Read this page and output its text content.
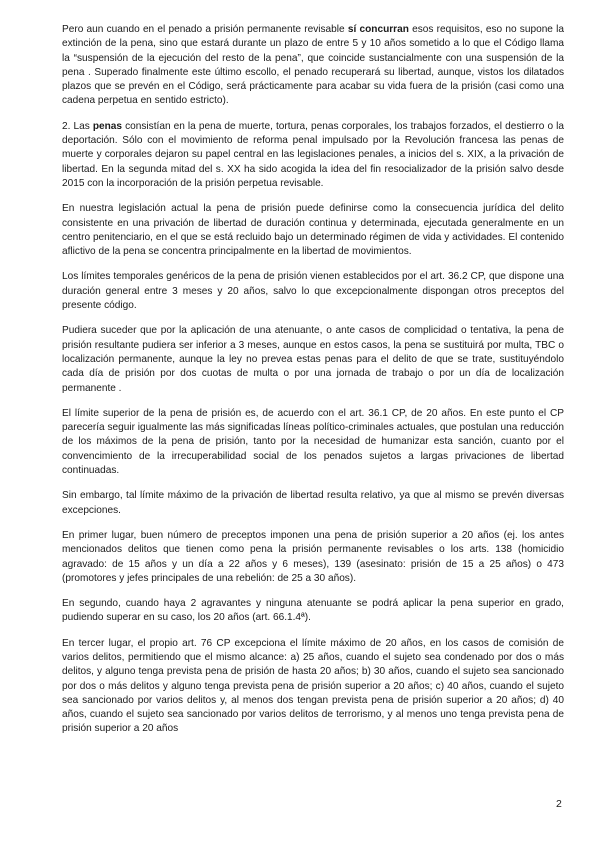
Pero aun cuando en el penado a prisión permanente revisable sí concurran esos requisitos, eso no supone la extinción de la pena, sino que estará durante un plazo de entre 5 y 10 años sometido a lo que el Código llama la “suspensión de la ejecución del resto de la pena”, que coincide sustancialmente con una suspensión de la pena . Superado finalmente este último escollo, el penado recuperará su libertad, aunque, vistos los dilatados plazos que se prevén en el Código, será prácticamente para acabar su vida fuera de la prisión (casi como una cadena perpetua en sentido estricto).

2. Las penas consistían en la pena de muerte, tortura, penas corporales, los trabajos forzados, el destierro o la deportación. Sólo con el movimiento de reforma penal impulsado por la Revolución francesa las penas de muerte y corporales dejaron su papel central en las legislaciones penales, a inicios del s. XIX, a la privación de libertad. En la segunda mitad del s. XX ha sido acogida la idea del fin resocializador de la prisión salvo desde 2015 con la incorporación de la prisión perpetua revisable.

En nuestra legislación actual la pena de prisión puede definirse como la consecuencia jurídica del delito consistente en una privación de libertad de duración continua y determinada, ejecutada generalmente en un centro penitenciario, en el que se está recluido bajo un determinado régimen de vida y actividades. El contenido aflictivo de la pena se concentra principalmente en la libertad de movimientos.

Los límites temporales genéricos de la pena de prisión vienen establecidos por el art. 36.2 CP, que dispone una duración general entre 3 meses y 20 años, salvo lo que excepcionalmente dispongan otros preceptos del presente código.

Pudiera suceder que por la aplicación de una atenuante, o ante casos de complicidad o tentativa, la pena de prisión resultante pudiera ser inferior a 3 meses, aunque en estos casos, la pena se sustituirá por multa, TBC o localización permanente, aunque la ley no prevea estas penas para el delito de que se trate, sustituyéndolo cada día de prisión por dos cuotas de multa o por una jornada de trabajo o por un día de localización permanente .

El límite superior de la pena de prisión es, de acuerdo con el art. 36.1 CP, de 20 años. En este punto el CP parecería seguir igualmente las más significadas líneas político-criminales actuales, que postulan una reducción de los máximos de la pena de prisión, tanto por la necesidad de humanizar esta sanción, cuanto por el convencimiento de la irrecuperabilidad social de los penados sujetos a largas privaciones de libertad continuadas.

Sin embargo, tal límite máximo de la privación de libertad resulta relativo, ya que al mismo se prevén diversas excepciones.

En primer lugar, buen número de preceptos imponen una pena de prisión superior a 20 años (ej. los antes mencionados delitos que tienen como pena la prisión permanente revisables o los arts. 138 (homicidio agravado: de 15 años y un día a 22 años y 6 meses), 139 (asesinato: prisión de 15 a 25 años) o 473 (promotores y jefes principales de una rebelión: de 25 a 30 años).

En segundo, cuando haya 2 agravantes y ninguna atenuante se podrá aplicar la pena superior en grado, pudiendo superar en su caso, los 20 años (art. 66.1.4ª).

En tercer lugar, el propio art. 76 CP excepciona el límite máximo de 20 años, en los casos de comisión de varios delitos, permitiendo que el mismo alcance: a) 25 años, cuando el sujeto sea condenado por dos o más delitos, y alguno tenga prevista pena de prisión de hasta 20 años; b) 30 años, cuando el sujeto sea sancionado por dos o más delitos y alguno tenga prevista pena de prisión superior a 20 años; c) 40 años, cuando el sujeto sea sancionado por varios delitos y, al menos dos tengan prevista pena de prisión superior a 20 años; d) 40 años, cuando el sujeto sea sancionado por varios delitos de terrorismo, y al menos uno tenga prevista pena de prisión superior a 20 años

2
